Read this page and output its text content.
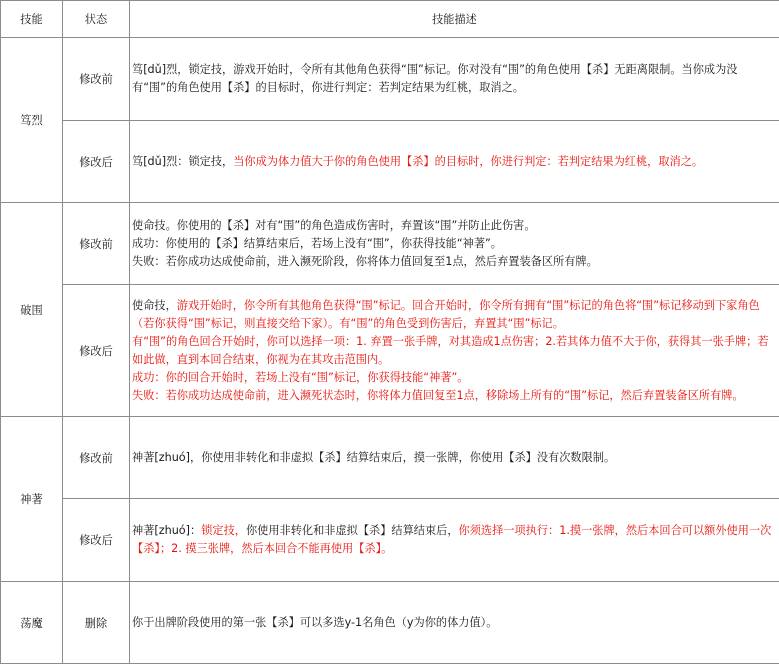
技能	状态	技能描述
笃烈	修改前	笃[dǔ]烈，锁定技，游戏开始时，令所有其他角色获得“围”标记。你对没有“围”的角色使用【杀】无距离限制。当你成为没有“围”的角色使用【杀】的目标时，你进行判定：若判定结果为红桃，取消之。

	修改后	笃[dǔ]烈：锁定技，当你成为体力值大于你的角色使用【杀】的目标时，你进行判定：若判定结果为红桃，取消之。

破围	修改前	使命技。你使用的【杀】对有“围”的角色造成伤害时，弃置该“围”并防止此伤害。
成功：你使用的【杀】结算结束后，若场上没有“围”，你获得技能“神著”。
失败：若你成功达成使命前，进入濒死阶段，你将体力值回复至1点，然后弃置装备区所有牌。

	修改后	使命技，游戏开始时，你令所有其他角色获得“围”标记。回合开始时，你令所有拥有“围”标记的角色将“围”标记移动到下家角色（若你获得“围”标记，则直接交给下家）。有“围”的角色受到伤害后，弃置其“围”标记。
有“围”的角色回合开始时，你可以选择一项：1. 弃置一张手牌，对其造成1点伤害；2.若其体力值不大于你，获得其一张手牌；若如此做，直到本回合结束，你视为在其攻击范围内。
成功：你的回合开始时，若场上没有“围”标记，你获得技能“神著”。
失败：若你成功达成使命前，进入濒死状态时，你将体力值回复至1点，移除场上所有的“围”标记，然后弃置装备区所有牌。

神著	修改前	神著[zhuó]，你使用非转化和非虚拟【杀】结算结束后，摸一张牌，你使用【杀】没有次数限制。

	修改后	神著[zhuó]：锁定技，你使用非转化和非虚拟【杀】结算结束后，你须选择一项执行：1.摸一张牌，然后本回合可以额外使用一次【杀】；2. 摸三张牌，然后本回合不能再使用【杀】。

荡魔	删除	你于出牌阶段使用的第一张【杀】可以多选y-1名角色（y为你的体力值）。
